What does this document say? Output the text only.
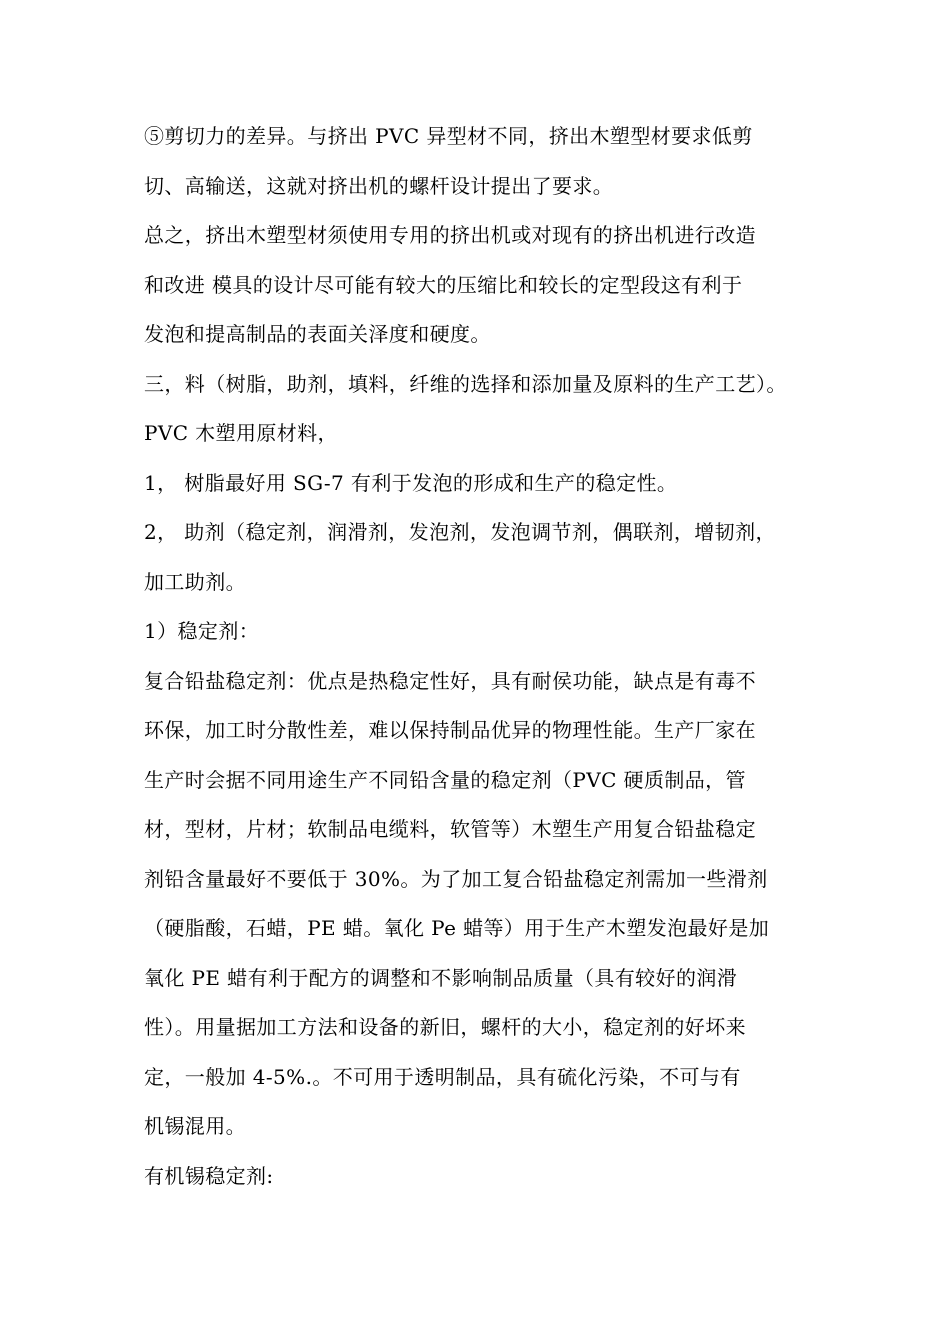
⑤剪切力的差异。与挤出 PVC 异型材不同，挤出木塑型材要求低剪
切、高输送，这就对挤出机的螺杆设计提出了要求。
总之，挤出木塑型材须使用专用的挤出机或对现有的挤出机进行改造
和改进 模具的设计尽可能有较大的压缩比和较长的定型段这有利于
发泡和提高制品的表面关泽度和硬度。
三，料（树脂，助剂，填料，纤维的选择和添加量及原料的生产工艺）。
PVC 木塑用原材料，
1， 树脂最好用 SG-7 有利于发泡的形成和生产的稳定性。
2， 助剂（稳定剂，润滑剂，发泡剂，发泡调节剂，偶联剂，增韧剂，
加工助剂。
1）稳定剂：
复合铅盐稳定剂：优点是热稳定性好，具有耐侯功能，缺点是有毒不
环保，加工时分散性差，难以保持制品优异的物理性能。生产厂家在
生产时会据不同用途生产不同铅含量的稳定剂（PVC 硬质制品，管
材，型材，片材；软制品电缆料，软管等）木塑生产用复合铅盐稳定
剂铅含量最好不要低于 30%。为了加工复合铅盐稳定剂需加一些滑剂
（硬脂酸，石蜡，PE 蜡。氧化 Pe 蜡等）用于生产木塑发泡最好是加
氧化 PE 蜡有利于配方的调整和不影响制品质量（具有较好的润滑
性）。用量据加工方法和设备的新旧，螺杆的大小，稳定剂的好坏来
定，一般加 4-5%.。不可用于透明制品，具有硫化污染，不可与有
机锡混用。
有机锡稳定剂:
